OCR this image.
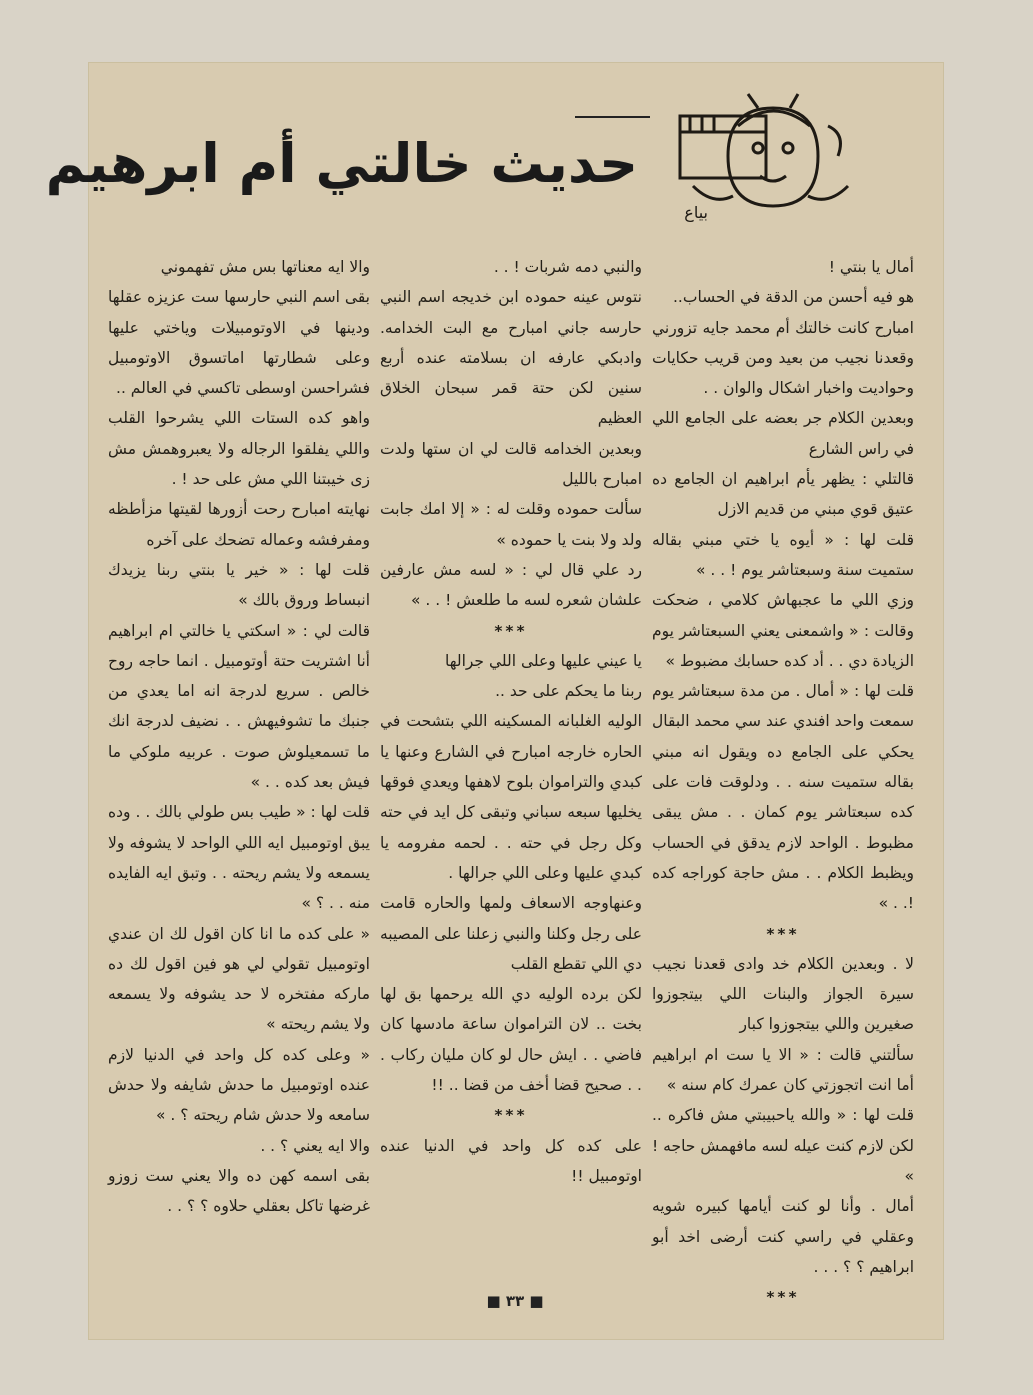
بياع
حديث خالتي أم ابرهيم

أمال يا بنتي !

هو فيه أحسن من الدقة في الحساب..

امبارح كانت خالتك أم محمد جايه تزورني وقعدنا نجيب من بعيد ومن قريب حكايات وحواديت واخبار اشكال والوان . .

وبعدين الكلام جر بعضه على الجامع اللي في راس الشارع

قالتلي : يظهر يأم ابراهيم ان الجامع ده عتيق قوي مبني من قديم الازل

قلت لها : « أيوه يا ختي مبني بقاله ستميت سنة وسبعتاشر يوم ! . . »

وزي اللي ما عجبهاش كلامي ، ضحكت وقالت : « واشمعنى يعني السبعتاشر يوم الزيادة دي . . أد كده حسابك مضبوط »

قلت لها : « أمال . من مدة سبعتاشر يوم سمعت واحد افندي عند سي محمد البقال يحكي على الجامع ده ويقول انه مبني بقاله ستميت سنه . . ودلوقت فات على كده سبعتاشر يوم كمان . . مش يبقى مظبوط . الواحد لازم يدقق في الحساب ويظبط الكلام . . مش حاجة كوراجه كده !. . »

***

لا . وبعدين الكلام خد وادى قعدنا نجيب سيرة الجواز والبنات اللي بيتجوزوا صغيرين واللي بيتجوزوا كبار

سألتني قالت : « الا يا ست ام ابراهيم أما انت اتجوزتي كان عمرك كام سنه »

قلت لها : « والله ياحبيبتي مش فاكره .. لكن لازم كنت عيله لسه مافهمش حاجه ! »

أمال . وأنا لو كنت أيامها كبيره شويه وعقلي في راسي كنت أرضى اخد أبو ابراهيم ؟ ؟ . . .

***

والنبي دمه شربات ! . .

نتوس عينه حموده ابن خديجه اسم النبي حارسه جاني امبارح مع البت الخدامه. وادبكي عارفه ان بسلامته عنده أربع سنين لكن حتة قمر سبحان الخلاق العظيم

وبعدين الخدامه قالت لي ان ستها ولدت امبارح بالليل

سألت حموده وقلت له : « إلا امك جابت ولد ولا بنت يا حموده »

رد علي قال لي : « لسه مش عارفين علشان شعره لسه ما طلعش ! . . »

***

يا عيني عليها وعلى اللي جرالها

ربنا ما يحكم على حد ..

الوليه الغلبانه المسكينه اللي بتشحت في الحاره خارجه امبارح في الشارع وعنها يا كبدي والتراموان بلوح لاهفها ويعدي فوقها يخليها سبعه سباني وتبقى كل ايد في حته وكل رجل في حته . . لحمه مفرومه يا كبدي عليها وعلى اللي جرالها .

وعنهاوجه الاسعاف ولمها والحاره قامت على رجل وكلنا والنبي زعلنا على المصيبه دي اللي تقطع القلب

لكن برده الوليه دي الله يرحمها بق لها بخت .. لان التراموان ساعة مادسها كان فاضي . . ايش حال لو كان مليان ركاب . . . صحيح قضا أخف من قضا .. !!

***

على كده كل واحد في الدنيا عنده اوتومبيل !!

والا ايه معناتها بس مش تفهموني

بقى اسم النبي حارسها ست عزيزه عقلها ودينها في الاوتومبيلات وياختي عليها وعلى شطارتها اماتسوق الاوتومبيل فشراحسن اوسطى تاكسي في العالم ..

واهو كده الستات اللي يشرحوا القلب واللي يفلقوا الرجاله ولا يعبروهمش مش زى خيبتنا اللي مش على حد ! .

نهايته امبارح رحت أزورها لقيتها مزأطظه ومفرفشه وعماله تضحك على آخره

قلت لها : « خير يا بنتي ربنا يزيدك انبساط وروق بالك »

قالت لي : « اسكتي يا خالتي ام ابراهيم أنا اشتريت حتة أوتومبيل . انما حاجه روح خالص . سريع لدرجة انه اما يعدي من جنبك ما تشوفيهش . . نضيف لدرجة انك ما تسمعيلوش صوت . عربيه ملوكي ما فيش بعد كده . . »

قلت لها : « طيب بس طولي بالك . . وده يبق اوتومبيل ايه اللي الواحد لا يشوفه ولا يسمعه ولا يشم ريحته . . وتبق ايه الفايده منه . . ؟ »

« على كده ما انا كان اقول لك ان عندي اوتومبيل تقولي لي هو فين اقول لك ده ماركه مفتخره لا حد يشوفه ولا يسمعه ولا يشم ريحته »

« وعلى كده كل واحد في الدنيا لازم عنده اوتومبيل ما حدش شايفه ولا حدش سامعه ولا حدش شام ريحته ؟ . »

والا ايه يعني ؟ . .

بقى اسمه كهن ده والا يعني ست زوزو غرضها تاكل بعقلي حلاوه ؟ ؟ . .

■ ٣٣ ■
